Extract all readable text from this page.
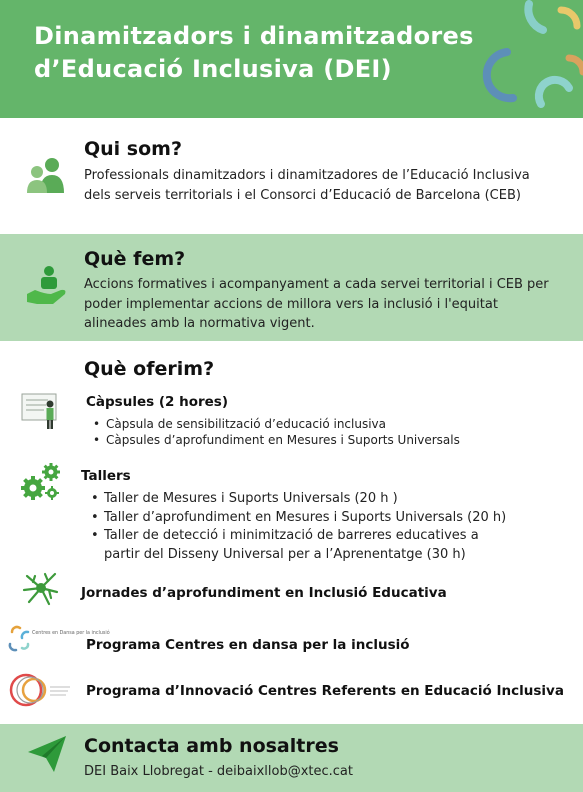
Dinamitzadors i dinamitzadores d’Educació Inclusiva (DEI)
Qui som?
Professionals dinamitzadors i dinamitzadores de l’Educació Inclusiva dels serveis territorials i el Consorci d’Educació de Barcelona (CEB)
Què fem?
Accions formatives i acompanyament a cada servei territorial i CEB per poder implementar accions de millora vers la inclusió i l'equitat alineades amb la normativa vigent.
Què oferim?
Càpsules (2 hores)
• Càpsula de sensibilització d’educació inclusiva
• Càpsules d’aprofundiment en Mesures i Suports Universals
Tallers
• Taller de Mesures i Suports Universals (20 h )
• Taller d’aprofundiment en Mesures i Suports Universals (20 h)
• Taller de detecció i minimització de barreres educatives a partir del Disseny Universal per a l’Aprenentatge (30 h)
Jornades d’aprofundiment en Inclusió Educativa
Centres en Dansa per la inclusió
Programa Centres en dansa per la inclusió
Programa d’Innovació Centres Referents en Educació Inclusiva
Contacta amb nosaltres
DEI Baix Llobregat - deibaixllob@xtec.cat
